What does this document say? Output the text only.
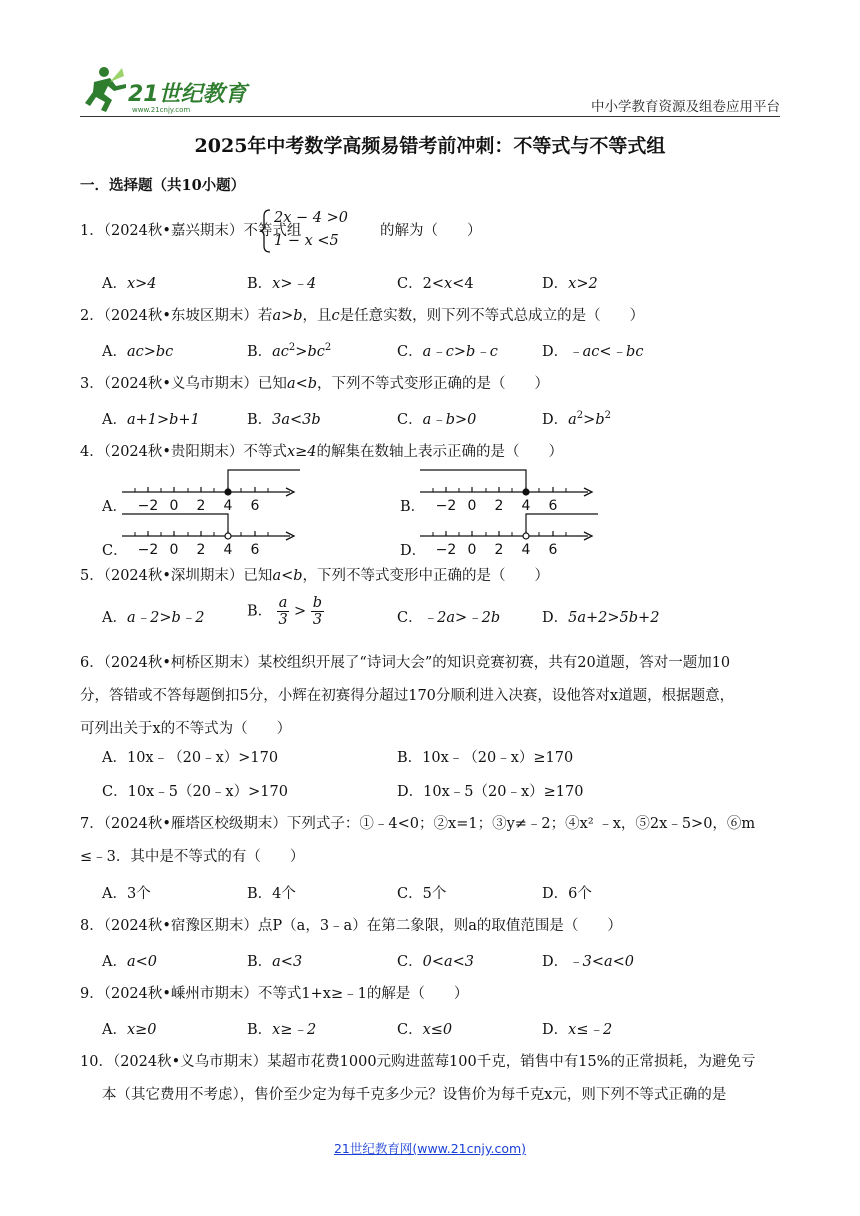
21世纪教育
www.21cnjy.com	中小学教育资源及组卷应用平台
2025年中考数学高频易错考前冲刺：不等式与不等式组
一．选择题（共10小题）
1．（2024秋•嘉兴期末）不等式组
2x − 4 >0
1 − x <5
的解为（　　）
A．x>4	B．x>﹣4	C．2<x<4	D．x>2
2．（2024秋•东坡区期末）若a>b，且c是任意实数，则下列不等式总成立的是（　　）
A．ac>bc	B．$ac^2>bc^2$	C．a﹣c>b﹣c	D．﹣ac<﹣bc
3．（2024秋•义乌市期末）已知a<b，下列不等式变形正确的是（　　）
A．a+1>b+1	B．3a<3b	C．a﹣b>0	D．$a^2>b^2$
4．（2024秋•贵阳期末）不等式x≥4的解集在数轴上表示正确的是（　　）
A． −2 0 2 4 6	B． −2 0 2 4 6
C． −2 0 2 4 6	D． −2 0 2 4 6
5．（2024秋•深圳期末）已知a<b，下列不等式变形中正确的是（　　）
A．a﹣2>b﹣2	B． $\frac{a}{3} > \frac{b}{3}$	C．﹣2a>﹣2b	D．5a+2>5b+2
6．（2024秋•柯桥区期末）某校组织开展了“诗词大会”的知识竞赛初赛，共有20道题，答对一题加10
分，答错或不答每题倒扣5分，小辉在初赛得分超过170分顺利进入决赛，设他答对x道题，根据题意，
可列出关于x的不等式为（　　）
A．10x﹣（20﹣x）>170	B．10x﹣（20﹣x）≥170
C．10x﹣5（20﹣x）>170	D．10x﹣5（20﹣x）≥170
7．（2024秋•雁塔区校级期末）下列式子：①﹣4<0；②x=1；③y≠﹣2；④x² ﹣x，⑤2x﹣5>0，⑥m
≤﹣3．其中是不等式的有（　　）
A．3个	B．4个	C．5个	D．6个
8．（2024秋•宿豫区期末）点P（a，3﹣a）在第二象限，则a的取值范围是（　　）
A．a<0	B．a<3	C．0<a<3	D．﹣3<a<0
9．（2024秋•嵊州市期末）不等式1+x≥﹣1的解是（　　）
A．x≥0	B．x≥﹣2	C．x≤0	D．x≤﹣2
10．（2024秋•义乌市期末）某超市花费1000元购进蓝莓100千克，销售中有15%的正常损耗，为避免亏
本（其它费用不考虑），售价至少定为每千克多少元？设售价为每千克x元，则下列不等式正确的是
21世纪教育网(www.21cnjy.com)
